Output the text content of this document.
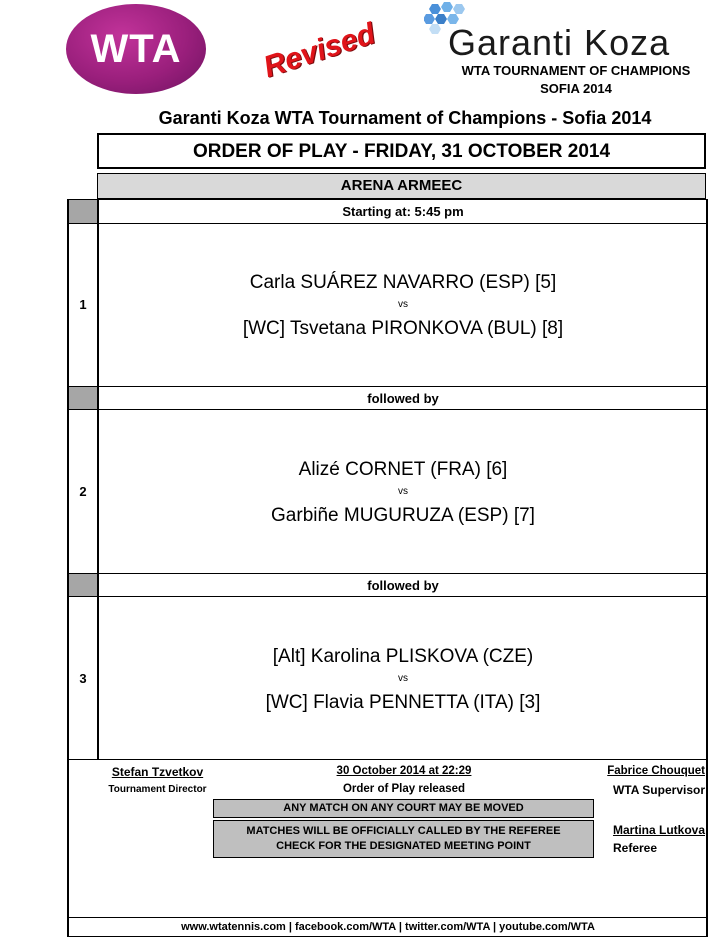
WTA	Revised Garanti Koza
WTA TOURNAMENT OF CHAMPIONS
SOFIA 2014
Garanti Koza WTA Tournament of Champions - Sofia 2014
ORDER OF PLAY - FRIDAY, 31 OCTOBER 2014
ARENA ARMEEC
Starting at: 5:45 pm
1
Carla SUÁREZ NAVARRO (ESP) [5]
vs
[WC] Tsvetana PIRONKOVA (BUL) [8]
followed by
2
Alizé CORNET (FRA) [6]
vs
Garbiñe MUGURUZA (ESP) [7]
followed by
3
[Alt] Karolina PLISKOVA (CZE)
vs
[WC] Flavia PENNETTA (ITA) [3]
Stefan Tzvetkov
Tournament Director
30 October 2014 at 22:29
Order of Play released
Fabrice Chouquet
WTA Supervisor
ANY MATCH ON ANY COURT MAY BE MOVED
MATCHES WILL BE OFFICIALLY CALLED BY THE REFEREE
CHECK FOR THE DESIGNATED MEETING POINT
Martina Lutkova
Referee
www.wtatennis.com | facebook.com/WTA | twitter.com/WTA | youtube.com/WTA
